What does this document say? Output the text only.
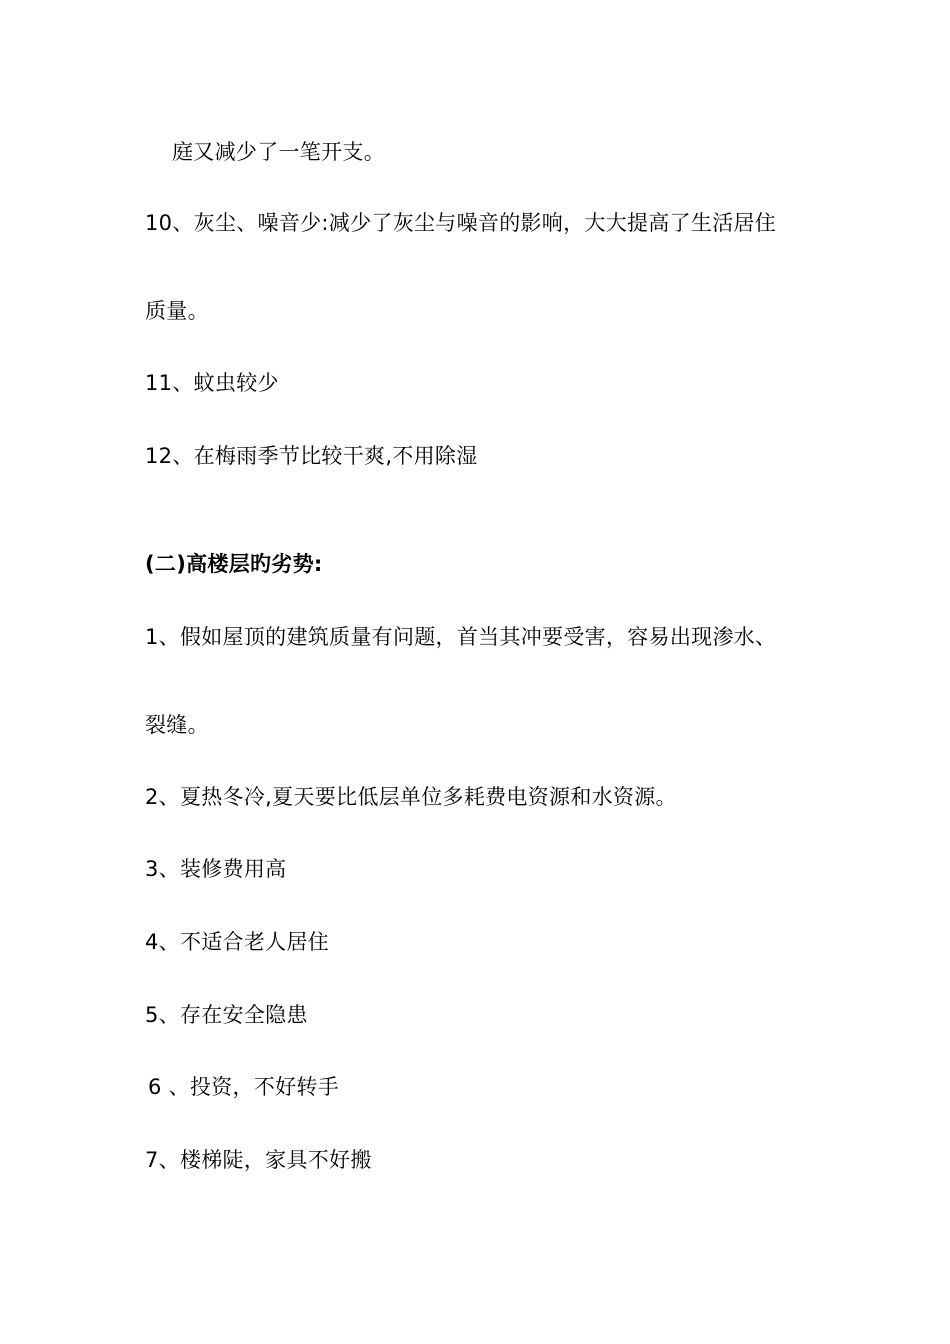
庭又减少了一笔开支。
10、灰尘、噪音少:减少了灰尘与噪音的影响，大大提高了生活居住
质量。
11、蚊虫较少
12、在梅雨季节比较干爽,不用除湿
(二)高楼层旳劣势:
1、假如屋顶的建筑质量有问题，首当其冲要受害，容易出现渗水、
裂缝。
2、夏热冬冷,夏天要比低层单位多耗费电资源和水资源。
3、装修费用高
4、不适合老人居住
5、存在安全隐患
6 、投资，不好转手
7、楼梯陡，家具不好搬
